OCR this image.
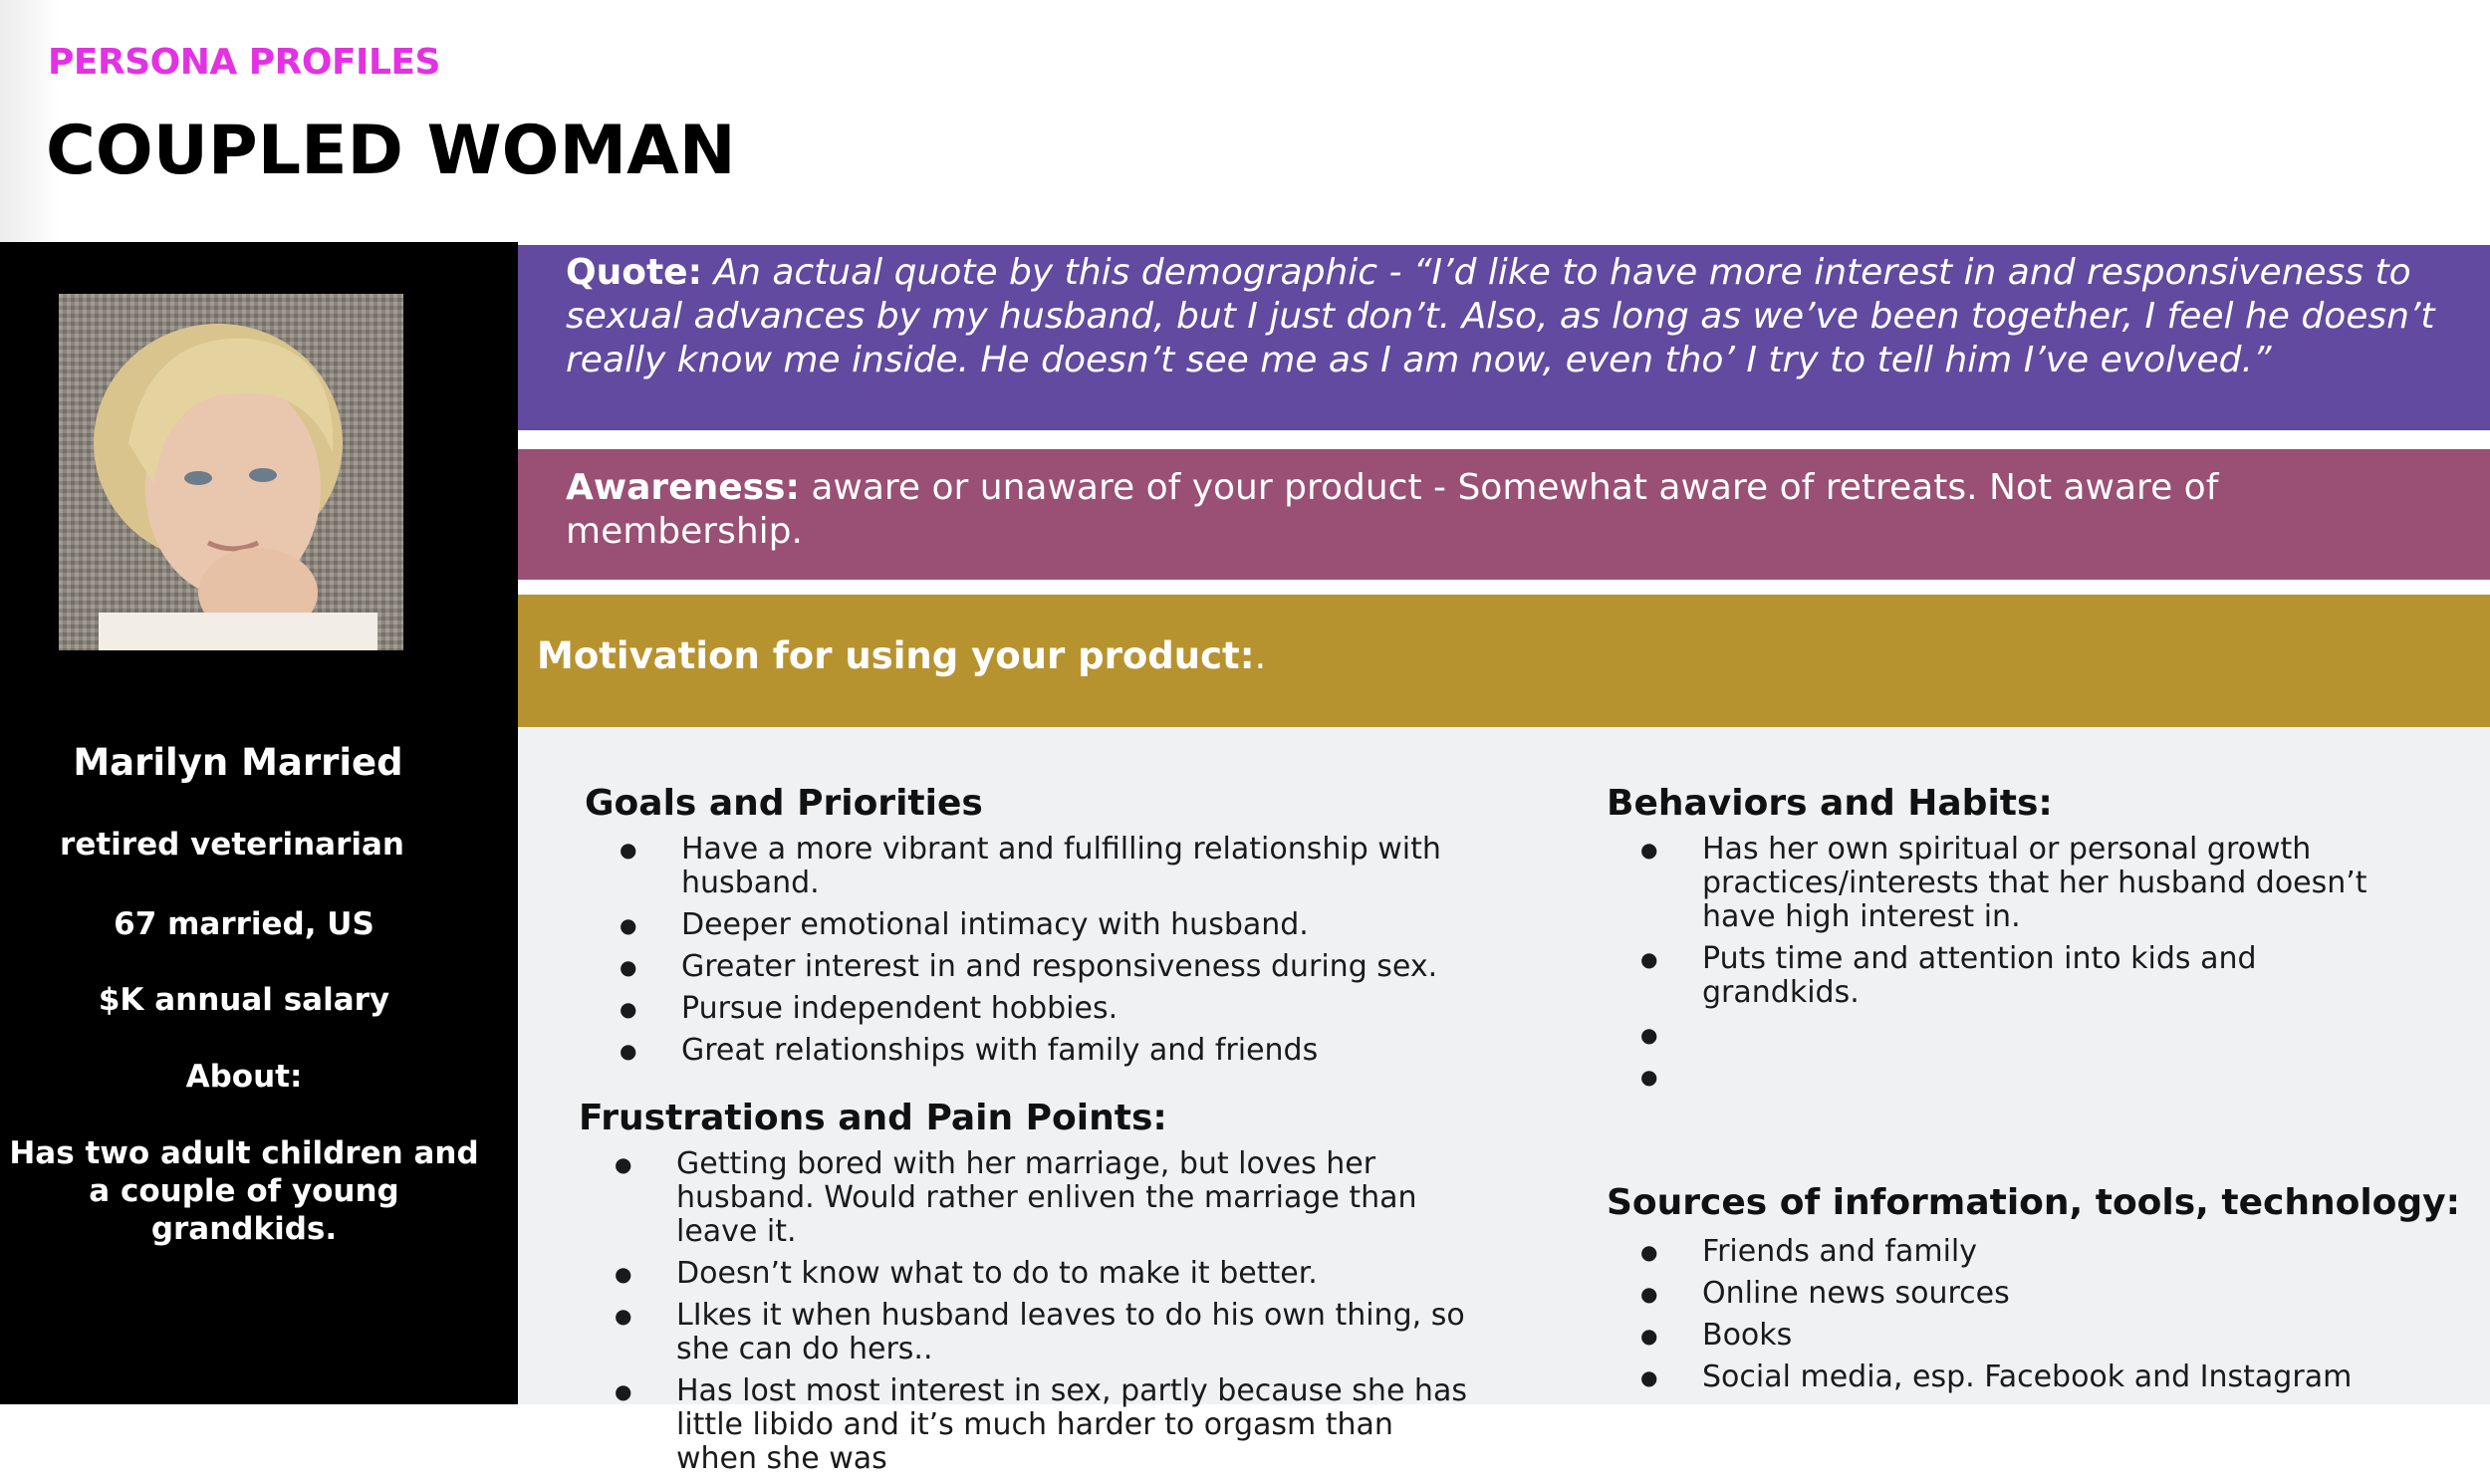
PERSONA PROFILES
COUPLED WOMAN
Marilyn Married
retired veterinarian
67 married, US
$K annual salary
About:
Has two adult children and a couple of young grandkids.

Quote: An actual quote by this demographic - “I’d like to have more interest in and responsiveness to sexual advances by my husband, but I just don’t. Also, as long as we’ve been together, I feel he doesn’t really know me inside. He doesn’t see me as I am now, even tho’ I try to tell him I’ve evolved.”

Awareness: aware or unaware of your product - Somewhat aware of retreats. Not aware of membership.

Motivation for using your product:.

Goals and Priorities
● Have a more vibrant and fulfilling relationship with husband.
● Deeper emotional intimacy with husband.
● Greater interest in and responsiveness during sex.
● Pursue independent hobbies.
● Great relationships with family and friends
Frustrations and Pain Points:
● Getting bored with her marriage, but loves her husband. Would rather enliven the marriage than leave it.
● Doesn’t know what to do to make it better.
● LIkes it when husband leaves to do his own thing, so she can do hers..
● Has lost most interest in sex, partly because she has little libido and it’s much harder to orgasm than when she was
Behaviors and Habits:
● Has her own spiritual or personal growth practices/interests that her husband doesn’t have high interest in.
● Puts time and attention into kids and grandkids.
●
●
Sources of information, tools, technology:
● Friends and family
● Online news sources
● Books
● Social media, esp. Facebook and Instagram
